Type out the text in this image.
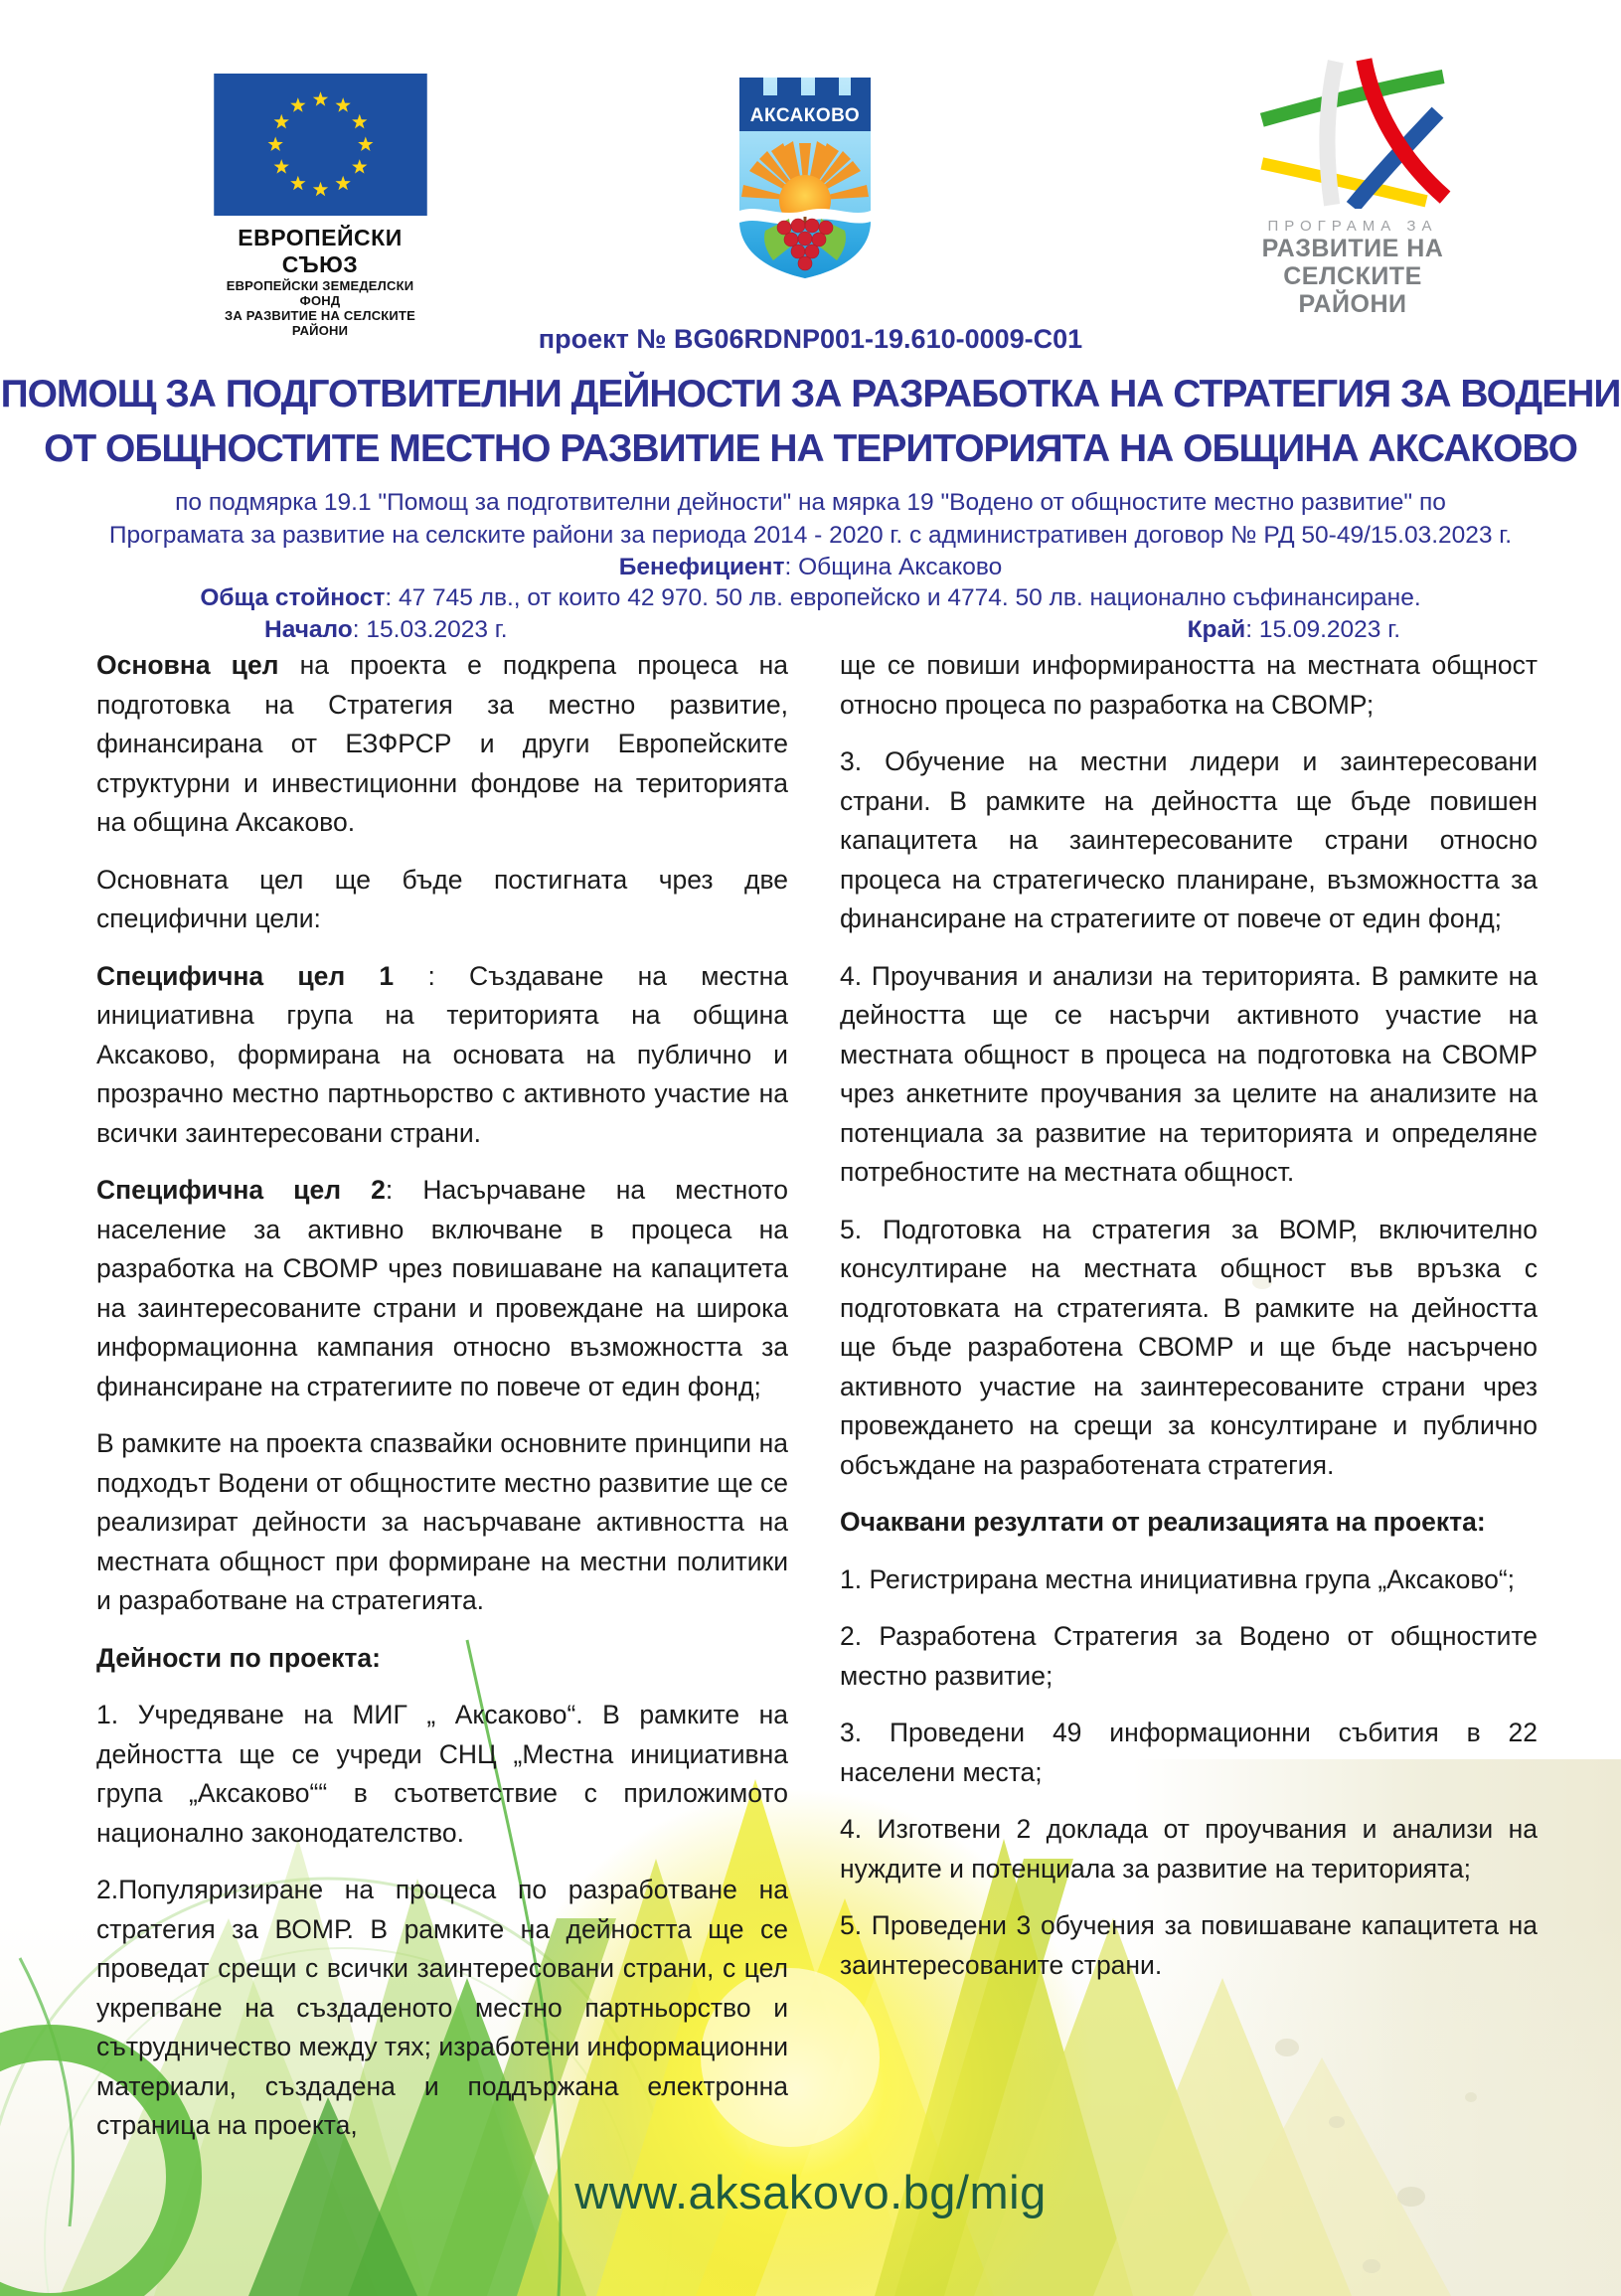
ЕВРОПЕЙСКИ СЪЮЗ
ЕВРОПЕЙСКИ ЗЕМЕДЕЛСКИ ФОНД
ЗА РАЗВИТИЕ НА СЕЛСКИТЕ РАЙОНИ
АКСАКОВО
ПРОГРАМА ЗА
РАЗВИТИЕ НА
СЕЛСКИТЕ РАЙОНИ

проект № BG06RDNP001-19.610-0009-C01

ПОМОЩ ЗА ПОДГОТВИТЕЛНИ ДЕЙНОСТИ ЗА РАЗРАБОТКА НА СТРАТЕГИЯ ЗА ВОДЕНИ
ОТ ОБЩНОСТИТЕ МЕСТНО РАЗВИТИЕ НА ТЕРИТОРИЯТА НА ОБЩИНА АКСАКОВО

по подмярка 19.1 "Помощ за подготвителни дейности" на мярка 19 "Водено от общностите местно развитие" по

Програмата за развитие на селските райони за периода 2014 - 2020 г. с административен договор № РД 50-49/15.03.2023 г.

Бенефициент: Община Аксаково

Обща стойност: 47 745 лв., от които 42 970. 50 лв. европейско и 4774. 50 лв. национално съфинансиране.

Начало: 15.03.2023 г.	Край: 15.09.2023 г.

Основна цел на проекта е подкрепа процеса на подготовка на Стратегия за местно развитие, финансирана от ЕЗФРСР и други Европейските структурни и инвестиционни фондове на територията на община Аксаково.

Основната цел ще бъде постигната чрез две специфични цели:

Специфична цел 1 : Създаване на местна инициативна група на територията на община Аксаково, формирана на основата на публично и прозрачно местно партньорство с активното участие на всички заинтересовани страни.

Специфична цел 2: Насърчаване на местното население за активно включване в процеса на разработка на СВОМР чрез повишаване на капацитета на заинтересованите страни и провеждане на широка информационна кампания относно възможността за финансиране на стратегиите по повече от един фонд;

В рамките на проекта спазвайки основните принципи на подходът Водени от общностите местно развитие ще се реализират дейности за насърчаване активността на местната общност при формиране на местни политики и разработване на стратегията.

Дейности по проекта:

1. Учредяване на МИГ „ Аксаково“. В рамките на дейността ще се учреди СНЦ „Местна инициативна група „Аксаково““ в съответствие с приложимото национално законодателство.

2.Популяризиране на процеса по разработване на стратегия за ВОМР. В рамките на дейността ще се проведат срещи с всички заинтересовани страни, с цел укрепване на създаденото местно партньорство и сътрудничество между тях; изработени информационни материали, създадена и поддържана електронна страница на проекта,

ще се повиши информираността на местната общност относно процеса по разработка на СВОМР;

3. Обучение на местни лидери и заинтересовани страни. В рамките на дейността ще бъде повишен капацитета на заинтересованите страни относно процеса на стратегическо планиране, възможността за финансиране на стратегиите от повече от един фонд;

4. Проучвания и анализи на територията. В рамките на дейността ще се насърчи активното участие на местната общност в процеса на подготовка на СВОМР чрез анкетните проучвания за целите на анализите на потенциала за развитие на територията и определяне потребностите на местната общност.

5. Подготовка на стратегия за ВОМР, включително консултиране на местната общност във връзка с подготовката на стратегията. В рамките на дейността ще бъде разработена СВОМР и ще бъде насърчено активното участие на заинтересованите страни чрез провеждането на срещи за консултиране и публично обсъждане на разработената стратегия.

Очаквани резултати от реализацията на проекта:

1. Регистрирана местна инициативна група „Аксаково“;

2. Разработена Стратегия за Водено от общностите местно развитие;

3. Проведени 49 информационни събития в 22 населени места;

4. Изготвени 2 доклада от проучвания и анализи на нуждите и потенциала за развитие на територията;

5. Проведени 3 обучения за повишаване капацитета на заинтересованите страни.

www.aksakovo.bg/mig
